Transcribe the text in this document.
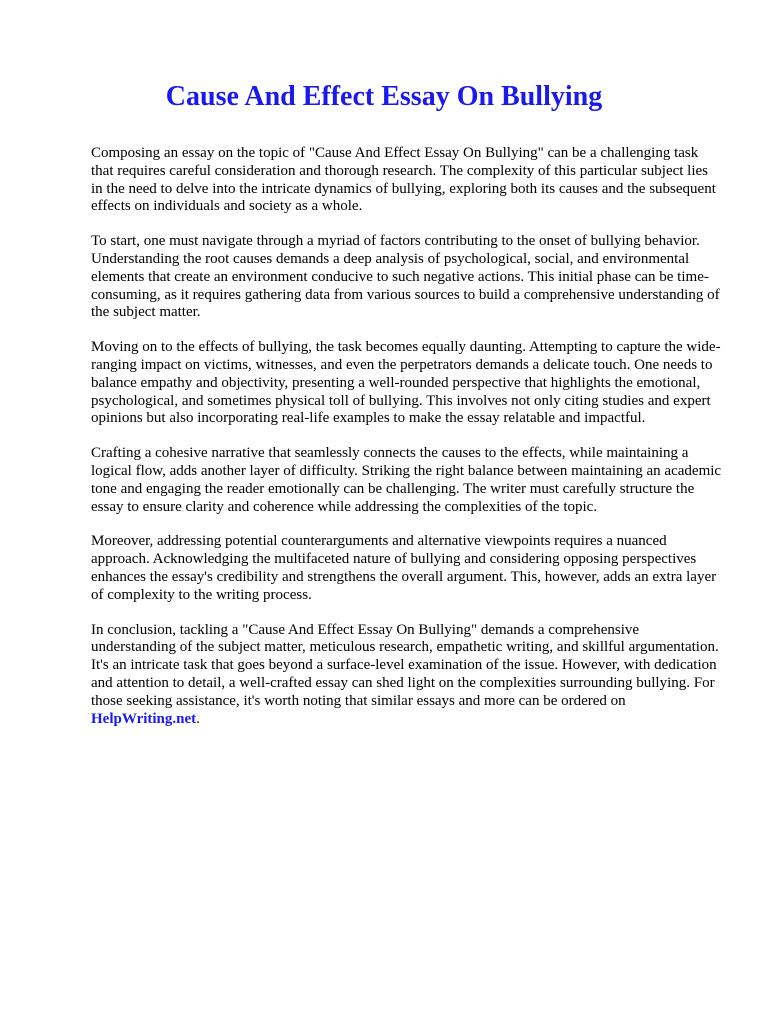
Cause And Effect Essay On Bullying

Composing an essay on the topic of "Cause And Effect Essay On Bullying" can be a challenging task that requires careful consideration and thorough research. The complexity of this particular subject lies in the need to delve into the intricate dynamics of bullying, exploring both its causes and the subsequent effects on individuals and society as a whole.

To start, one must navigate through a myriad of factors contributing to the onset of bullying behavior. Understanding the root causes demands a deep analysis of psychological, social, and environmental elements that create an environment conducive to such negative actions. This initial phase can be time-consuming, as it requires gathering data from various sources to build a comprehensive understanding of the subject matter.

Moving on to the effects of bullying, the task becomes equally daunting. Attempting to capture the wide-ranging impact on victims, witnesses, and even the perpetrators demands a delicate touch. One needs to balance empathy and objectivity, presenting a well-rounded perspective that highlights the emotional, psychological, and sometimes physical toll of bullying. This involves not only citing studies and expert opinions but also incorporating real-life examples to make the essay relatable and impactful.

Crafting a cohesive narrative that seamlessly connects the causes to the effects, while maintaining a logical flow, adds another layer of difficulty. Striking the right balance between maintaining an academic tone and engaging the reader emotionally can be challenging. The writer must carefully structure the essay to ensure clarity and coherence while addressing the complexities of the topic.

Moreover, addressing potential counterarguments and alternative viewpoints requires a nuanced approach. Acknowledging the multifaceted nature of bullying and considering opposing perspectives enhances the essay's credibility and strengthens the overall argument. This, however, adds an extra layer of complexity to the writing process.

In conclusion, tackling a "Cause And Effect Essay On Bullying" demands a comprehensive understanding of the subject matter, meticulous research, empathetic writing, and skillful argumentation. It's an intricate task that goes beyond a surface-level examination of the issue. However, with dedication and attention to detail, a well-crafted essay can shed light on the complexities surrounding bullying. For those seeking assistance, it's worth noting that similar essays and more can be ordered on HelpWriting.net.
